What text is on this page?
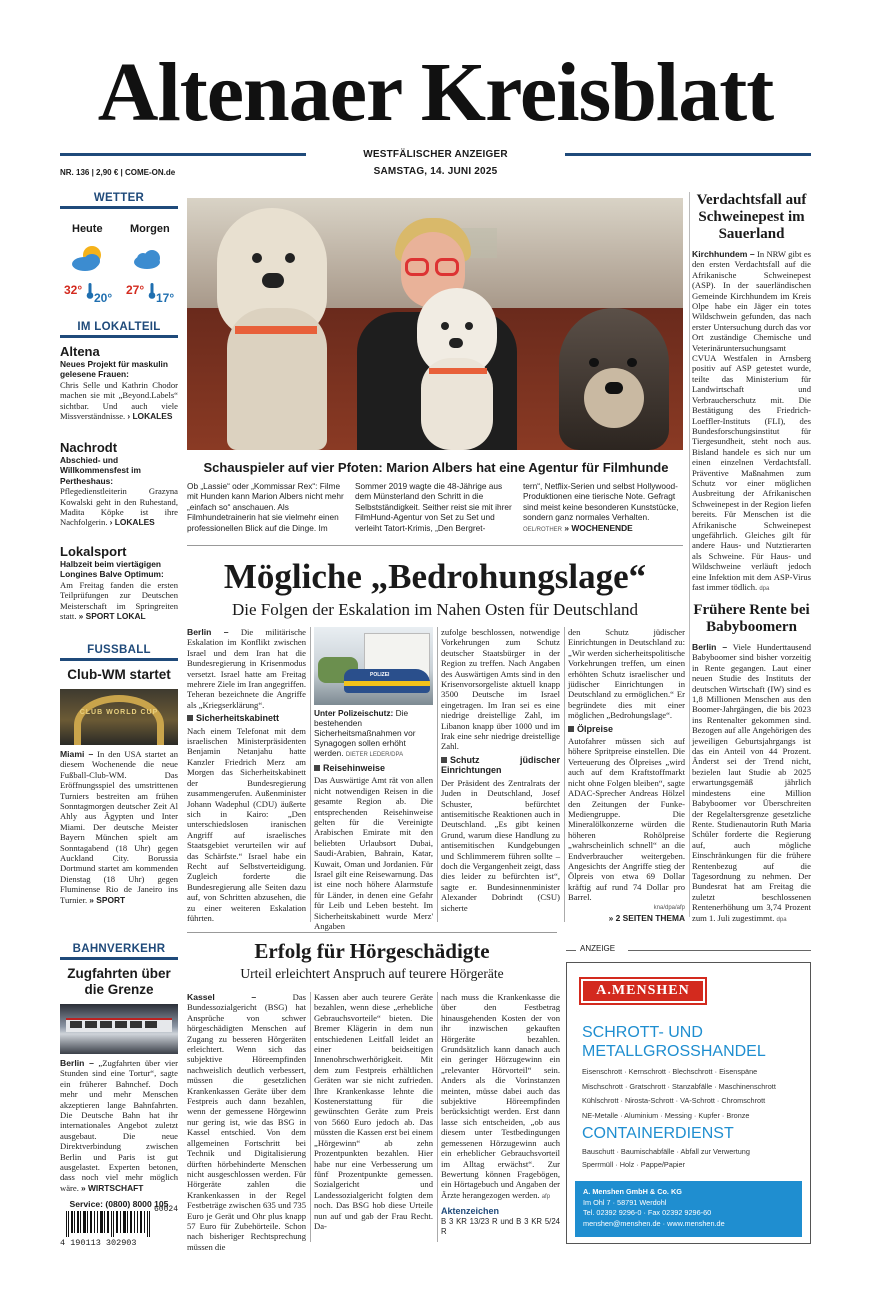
Altenaer Kreisblatt
WESTFÄLISCHER ANZEIGER
SAMSTAG, 14. JUNI 2025
NR. 136 | 2,90 € | COME-ON.de
WETTER
Heute Morgen
32°
20°
27°
17°
IM LOKALTEIL
Altena
Neues Projekt für maskulin gelesene Frauen:
Chris Selle und Kathrin Chodor machen sie mit „Beyond.Labels“ sichtbar. Und auch viele Missverständnisse. › LOKALES
Nachrodt
Abschied- und Willkommensfest im Pertheshaus:
Pflegedienstleiterin Grazyna Kowalski geht in den Ruhestand, Madita Köpke ist ihre Nachfolgerin. › LOKALES
Lokalsport
Halbzeit beim viertägigen Longines Balve Optimum:
Am Freitag fanden die ersten Teilprüfungen zur Deutschen Meisterschaft im Springreiten statt. » SPORT LOKAL
FUSSBALL
Club-WM startet
CLUB WORLD CUP
Miami – In den USA startet an diesem Wochenende die neue Fußball-Club-WM. Das Eröffnungsspiel des umstrittenen Turniers bestreiten am frühen Sonntagmorgen deutscher Zeit Al Ahly aus Ägypten und Inter Miami. Der deutsche Meister Bayern München spielt am Sonntagabend (18 Uhr) gegen Auckland City. Borussia Dortmund startet am kommenden Dienstag (18 Uhr) gegen Fluminense Rio de Janeiro ins Turnier. » SPORT
BAHNVERKEHR
Zugfahrten über die Grenze
Berlin – „Zugfahrten über vier Stunden sind eine Tortur“, sagte ein früherer Bahnchef. Doch mehr und mehr Menschen akzeptieren lange Bahnfahrten. Die Deutsche Bahn hat ihr internationales Angebot zuletzt ausgebaut. Die neue Direktverbindung zwischen Berlin und Paris ist gut ausgelastet. Experten betonen, dass noch viel mehr möglich wäre. » WIRTSCHAFT
Service: (0800) 8000 105
60024
4 190113 302903
Schauspieler auf vier Pfoten: Marion Albers hat eine Agentur für Filmhunde
Ob „Lassie“ oder „Kommissar Rex“: Filme mit Hunden kann Marion Albers nicht mehr „einfach so“ anschauen. Als Filmhundetrainerin hat sie vielmehr einen professionellen Blick auf die Dinge. Im
Sommer 2019 wagte die 48-Jährige aus dem Münsterland den Schritt in die Selbstständigkeit. Seither reist sie mit ihrer FilmHund-Agentur von Set zu Set und verleiht Tatort-Krimis, „Den Bergret-
tern“, Netflix-Serien und selbst Hollywood-Produktionen eine tierische Note. Gefragt sind meist keine besonderen Kunststücke, sondern ganz normales Verhalten. OEL/ROTHER » WOCHENENDE
Mögliche „Bedrohungslage“
Die Folgen der Eskalation im Nahen Osten für Deutschland
Berlin – Die militärische Eskalation im Konflikt zwischen Israel und dem Iran hat die Bundesregierung in Krisenmodus versetzt. Israel hatte am Freitag mehrere Ziele im Iran angegriffen. Teheran bezeichnete die Angriffe als „Kriegserklärung“.
Sicherheitskabinett
Nach einem Telefonat mit dem israelischen Ministerpräsidenten Benjamin Netanjahu hatte Kanzler Friedrich Merz am Morgen das Sicherheitskabinett der Bundesregierung zusammengerufen. Außenminister Johann Wadephul (CDU) äußerte sich in Kairo: „Den unterschiedslosen iranischen Angriff auf israelisches Staatsgebiet verurteilen wir auf das Schärfste.“ Israel habe ein Recht auf Selbstverteidigung. Zugleich forderte die Bundesregierung alle Seiten dazu auf, von Schritten abzusehen, die zu einer weiteren Eskalation führten.
POLIZEI
Unter Polizeischutz: Die bestehenden Sicherheitsmaßnahmen vor Synagogen sollen erhöht werden. DIETER LEDER/DPA
Reisehinweise
Das Auswärtige Amt rät von allen nicht notwendigen Reisen in die gesamte Region ab. Die entsprechenden Reisehinweise gelten für die Vereinigte Arabischen Emirate mit den beliebten Urlaubsort Dubai, Saudi-Arabien, Bahrain, Katar, Kuwait, Oman und Jordanien. Für Israel gilt eine Reisewarnung. Das ist eine noch höhere Alarmstufe für Länder, in denen eine Gefahr für Leib und Leben besteht. Im Sicherheitskabinett wurde Merz' Angaben
zufolge beschlossen, notwendige Vorkehrungen zum Schutz deutscher Staatsbürger in der Region zu treffen. Nach Angaben des Auswärtigen Amts sind in den Krisenvorsorgeliste aktuell knapp 3500 Deutsche im Israel eingetragen. Im Iran sei es eine niedrige dreistellige Zahl, im Libanon knapp über 1000 und im Irak eine sehr niedrige dreistellige Zahl.
Schutz jüdischer Einrichtungen
Der Präsident des Zentralrats der Juden in Deutschland, Josef Schuster, befürchtet antisemitische Reaktionen auch in Deutschland. „Es gibt keinen Grund, warum diese Handlung zu antisemitischen Kundgebungen und Schlimmerem führen sollte – doch die Vergangenheit zeigt, dass dies leider zu befürchten ist“, sagte er. Bundesinnenminister Alexander Dobrindt (CSU) sicherte
den Schutz jüdischer Einrichtungen in Deutschland zu: „Wir werden sicherheitspolitische Vorkehrungen treffen, um einen erhöhten Schutz israelischer und jüdischer Einrichtungen in Deutschland zu ermöglichen.“ Er begründete dies mit einer möglichen „Bedrohungslage“.
Ölpreise
Autofahrer müssen sich auf höhere Spritpreise einstellen. Die Verteuerung des Ölpreises „wird auch auf dem Kraftstoffmarkt nicht ohne Folgen bleiben“, sagte ADAC-Sprecher Andreas Hölzel den Zeitungen der Funke-Mediengruppe. Die Mineralölkonzerne würden die höheren Rohölpreise „wahrscheinlich schnell“ an die Endverbraucher weitergeben. Angesichts der Angriffe stieg der Ölpreis von etwa 69 Dollar kräftig auf rund 74 Dollar pro Barrel.
kna/dpa/afp
» 2 SEITEN THEMA
Verdachtsfall auf Schweinepest im Sauerland
Kirchhundem – In NRW gibt es den ersten Verdachtsfall auf die Afrikanische Schweinepest (ASP). In der sauerländischen Gemeinde Kirchhundem im Kreis Olpe habe ein Jäger ein totes Wildschwein gefunden, das nach erster Untersuchung durch das vor Ort zuständige Chemische und Veterinäruntersuchungsamt CVUA Westfalen in Arnsberg positiv auf ASP getestet wurde, teilte das Ministerium für Landwirtschaft und Verbraucherschutz mit. Die Bestätigung des Friedrich-Loeffler-Instituts (FLI), des Bundesforschungsinstitut für Tiergesundheit, steht noch aus. Bisland handele es sich nur um einen einzelnen Verdachtsfall. Präventive Maßnahmen zum Schutz vor einer möglichen Ausbreitung der Afrikanischen Schweinepest in der Region liefen bereits. Für Menschen ist die Afrikanische Schweinepest ungefährlich. Gleiches gilt für andere Haus- und Nutztierarten als Schweine. Für Haus- und Wildschweine verläuft jedoch eine Infektion mit dem ASP-Virus fast immer tödlich. dpa
Frühere Rente bei Babyboomern
Berlin – Viele Hunderttausend Babyboomer sind bisher vorzeitig in Rente gegangen. Laut einer neuen Studie des Instituts der deutschen Wirtschaft (IW) sind es 1,8 Millionen Menschen aus den Boomer-Jahrgängen, die bis 2023 ins Rentenalter gekommen sind. Bezogen auf alle Angehörigen des jeweiligen Geburtsjahrgangs ist das ein Anteil von 44 Prozent. Änderst sei der Trend nicht, bezielen laut Studie ab 2025 erwartungsgemäß jährlich mindestens eine Million Babyboomer vor Überschreiten der Regelaltersgrenze gesetzliche Rente. Studienautorin Ruth Maria Schüler forderte die Regierung auf, auch mögliche Einschränkungen für die frühere Rentenbezug auf die Tagesordnung zu nehmen. Der Bundesrat hat am Freitag die zuletzt beschlossenen Rentenerhöhung um 3,74 Prozent zum 1. Juli zugestimmt. dpa
Erfolg für Hörgeschädigte
Urteil erleichtert Anspruch auf teurere Hörgeräte
Kassel –	Das Bundessozialgericht (BSG) hat Ansprüche von schwer hörgeschädigten Menschen auf Zugang zu besseren Hörgeräten erleichtert. Wenn sich das subjektive Höreempfinden nachweislich deutlich verbessert, müssen die gesetzlichen Krankenkassen Geräte über dem Festpreis auch dann bezahlen, wenn der gemessene Hörgewinn nur gering ist, wie das BSG in Kassel entschied. Von dem allgemeinen Fortschritt bei Technik und Digitalisierung dürften hörbehinderte Menschen nicht ausgeschlossen werden. Für Hörgeräte zahlen die Krankenkassen in der Regel Festbeträge zwischen 635 und 735 Euro je Gerät und Ohr plus knapp 57 Euro für Zubehörteile. Schon nach bisheriger Rechtsprechung müssen die
Kassen aber auch teurere Geräte bezahlen, wenn diese „erhebliche Gebrauchsvorteile“ bieten. Die Bremer Klägerin in dem nun entschiedenen Leitfall leidet an einer beidseitigen Innenohrschwerhörigkeit. Mit dem zum Festpreis erhältlichen Geräten war sie nicht zufrieden. Ihre Krankenkasse lehnte die Kostenerstattung für die gewünschten Geräte zum Preis von 5660 Euro jedoch ab. Das müssten die Kassen erst bei einem „Hörgewinn“ ab zehn Prozentpunkten bezahlen. Hier habe nur eine Verbesserung um fünf Prozentpunkte gemessen. Sozialgericht und Landessozialgericht folgten dem noch. Das BSG hob diese Urteile nun auf und gab der Frau Recht. Da-
nach muss die Krankenkasse die über den Festbetrag hinausgehenden Kosten der von ihr inzwischen gekauften Hörgeräte bezahlen. Grundsätzlich kann danach auch ein geringer Hörzugewinn ein „relevanter Hörvorteil“ sein. Anders als die Vorinstanzen meinten, müsse dabei auch das subjektive Höreempfinden berücksichtigt werden. Erst dann lasse sich entscheiden, „ob aus diesem unter Testbedingungen gemessenen Hörzugewinn auch ein erheblicher Gebrauchsvorteil im Alltag erwächst“. Zur Bewertung können Fragebögen, ein Hörtagebuch und Angaben der Ärzte herangezogen werden. afp
Aktenzeichen
B 3 KR 13/23 R und B 3 KR 5/24 R
ANZEIGE
A.MENSHEN
SCHROTT- UND METALLGROSSHANDEL
Eisenschrott · Kernschrott · Blechschrott · Eisenspäne
Mischschrott · Gratschrott · Stanzabfälle · Maschinenschrott
Kühlschrott · Nirosta-Schrott · VA-Schrott · Chromschrott
NE-Metalle · Aluminium · Messing · Kupfer · Bronze
CONTAINERDIENST
Bauschutt · Baumischabfälle · Abfall zur Verwertung
Sperrmüll · Holz · Pappe/Papier
A. Menshen GmbH & Co. KG
Im Ohl 7 · 58791 Werdohl
Tel. 02392 9296-0 · Fax 02392 9296-60
menshen@menshen.de · www.menshen.de
